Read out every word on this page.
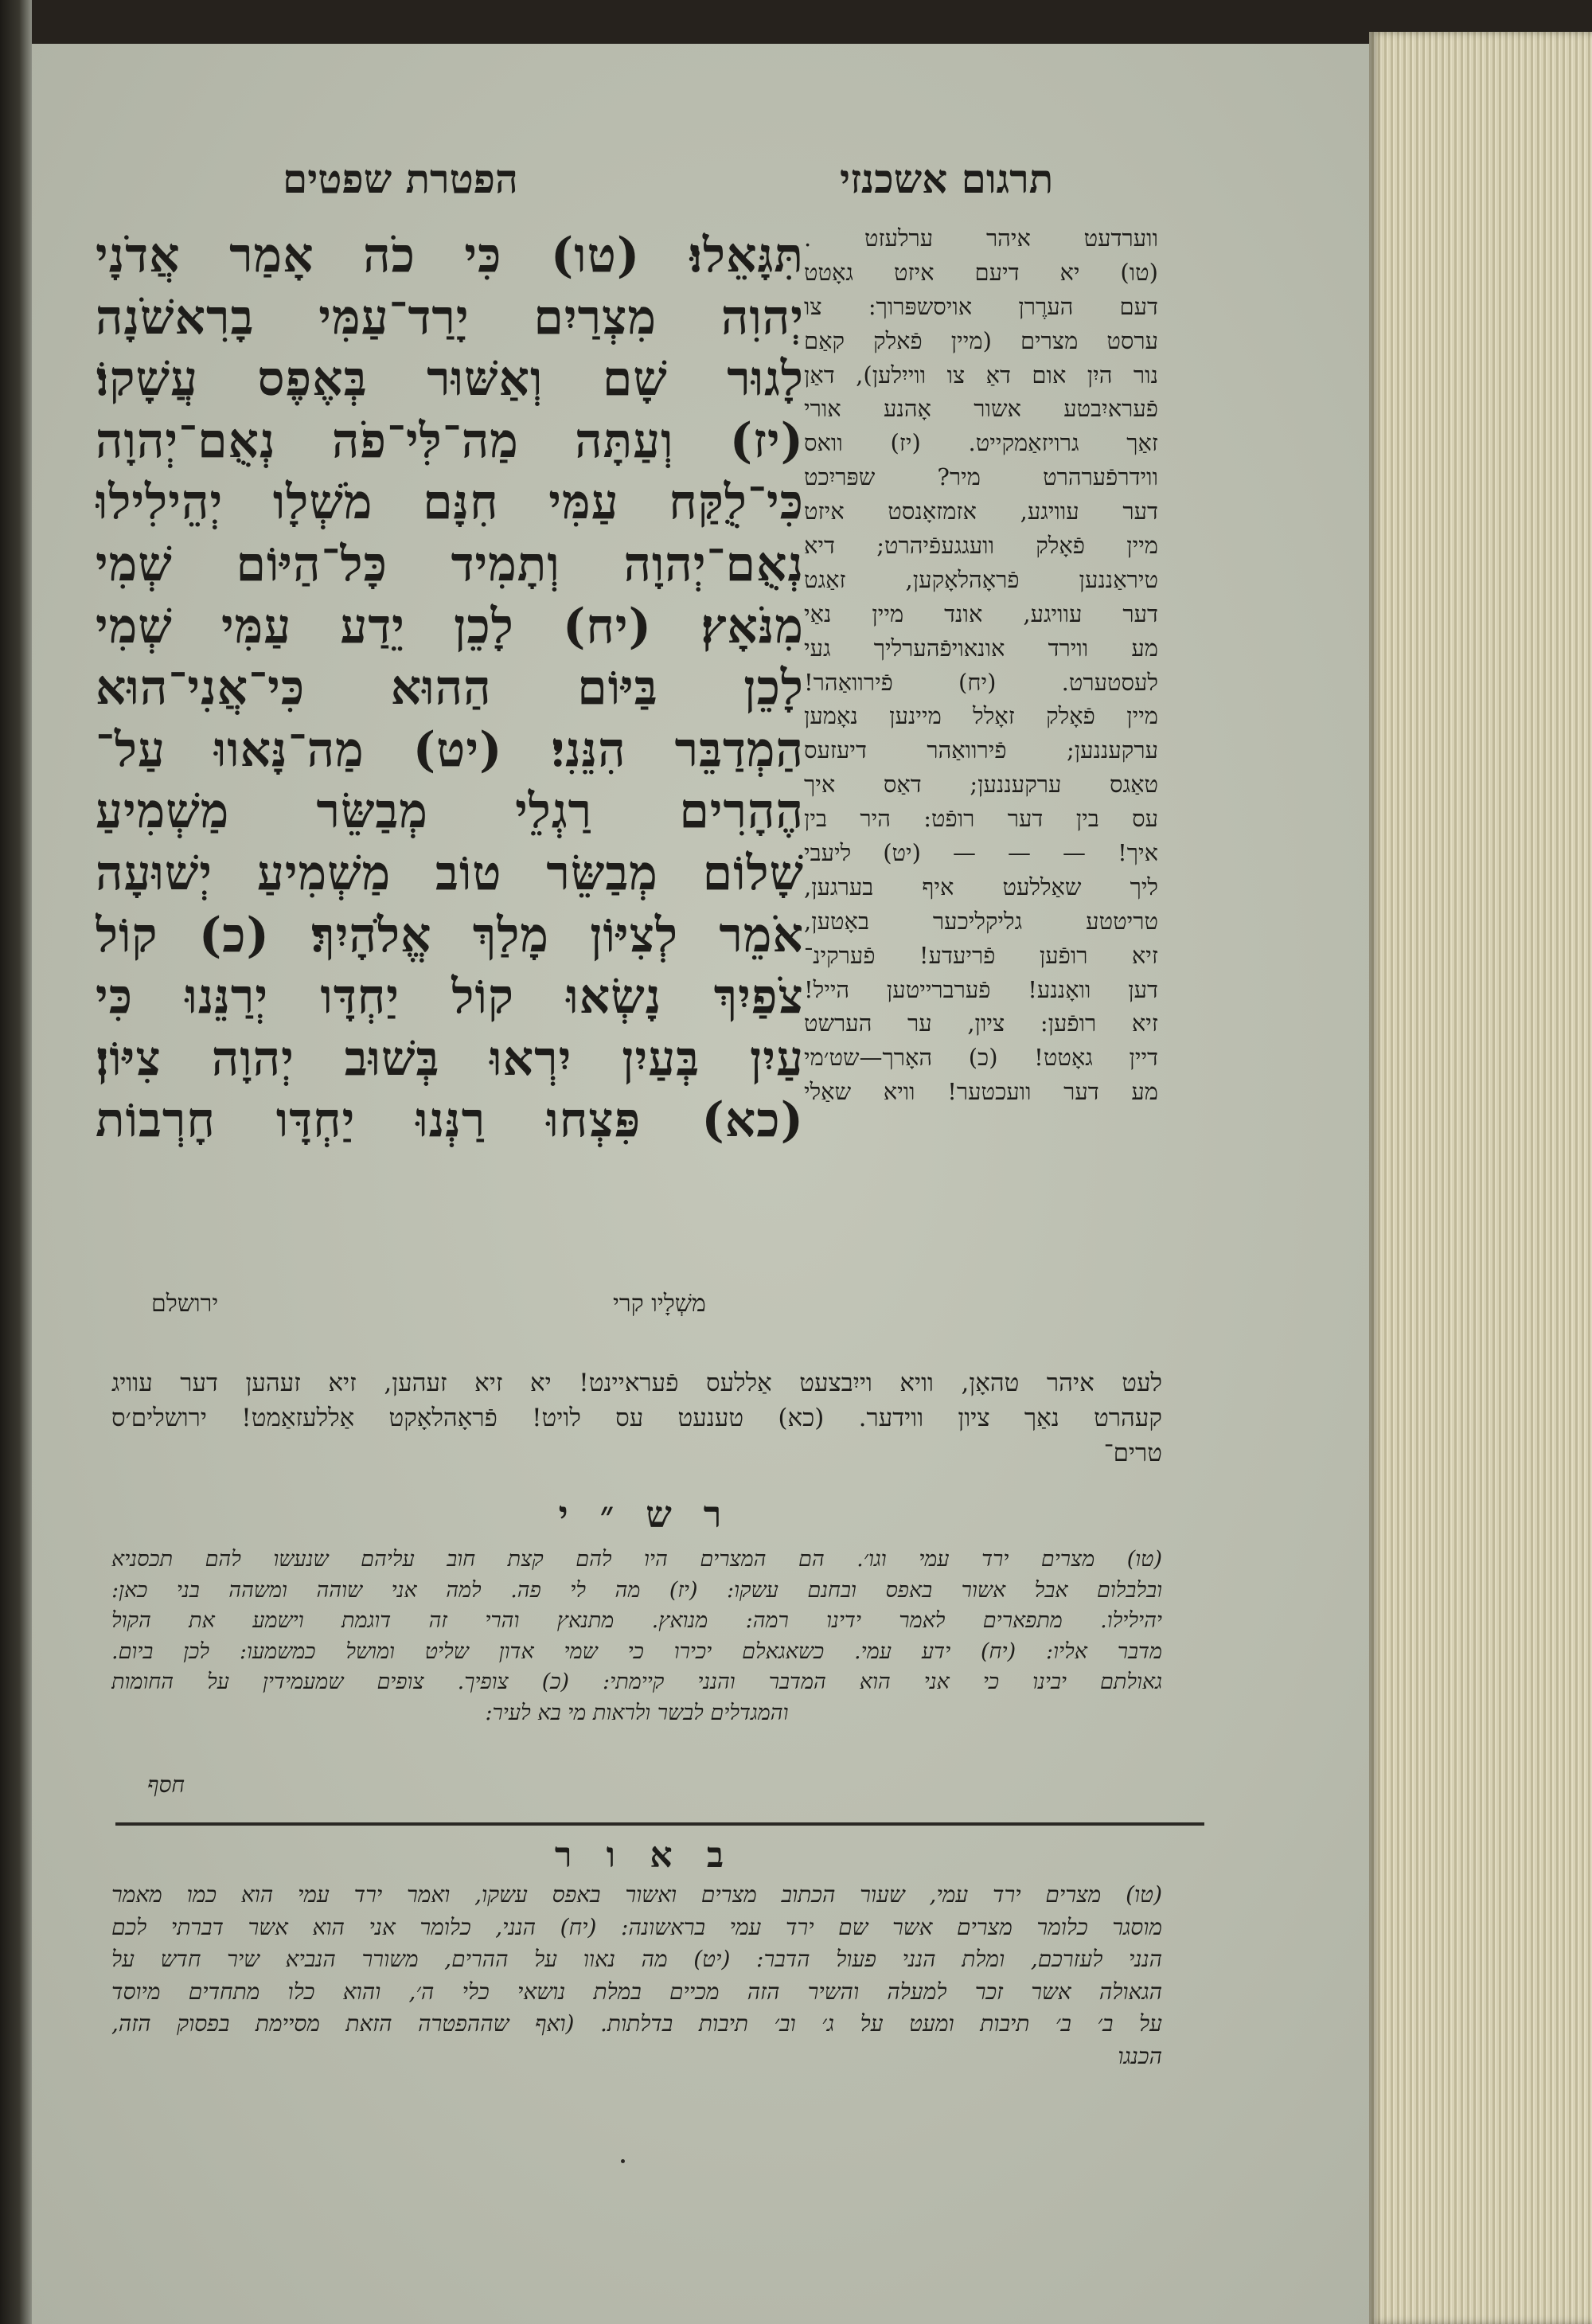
הפטרת שפטים	תרגום אשכנזי
תִּגָּאֵלוּ׃ (טו) כִּי כֹה אָמַר אֲדֹנָי
יְהוִה מִצְרַיִם יָרַד־עַמִּי בָרִאשֹׁנָה
לָגוּר שָׁם וְאַשּׁוּר בְּאֶפֶס עֲשָׁקוֹ׃
(יז) וְעַתָּה מַה־לִּי־פֹה נְאֻם־יְהוָה
כִּי־לֻקַּח עַמִּי חִנָּם מֹשְׁלָו יְהֵילִילוּ
נְאֻם־יְהוָה וְתָמִיד כָּל־הַיּוֹם שְׁמִי
מִנֹּאָץ׃ (יח) לָכֵן יֵדַע עַמִּי שְׁמִי
לָכֵן בַּיּוֹם הַהוּא כִּי־אֲנִי־הוּא
הַמְדַבֵּר הִנֵּנִי׃ (יט) מַה־נָּאווּ עַל־
הֶהָרִים רַגְלֵי מְבַשֵּׂר מַשְׁמִיעַ
שָׁלוֹם מְבַשֵּׂר טוֹב מַשְׁמִיעַ יְשׁוּעָה
אֹמֵר לְצִיּוֹן מָלַךְ אֱלֹהָיִךְ׃ (כ) קוֹל
צֹפַיִךְ נָשְׂאוּ קוֹל יַחְדָּו יְרַנֵּנוּ כִּי
עַיִן בְּעַיִן יִרְאוּ בְּשׁוּב יְהוָה צִיּוֹן׃
(כא) פִּצְחוּ רַנְּנוּ יַחְדָּו חָרְבוֹת
משְׁלָיו קרי
ירושלם
ווערדעט איהר ערלעזט .
(טו) יא דיעם איזט גאָטט
דעם הערֶרן אויסשפּרוך: צו
ערסט מצרים (מיין פֿאלק קאַם
נור היִן אום דאַ צו ווייִלען), דאַן
פֿעראיִבטע אשור אָהנע אורי
זאַך גרויזאַמקייט. (יז) וואס
ווידרפֿערהרט מיר? שפּריִכט
דער עוויגע, אזמזאָנסט איזט
מיין פֿאָלק וועגגעפֿיהרט; דיא
טיראַננען פֿראָהלאָקען, זאַגט
דער עוויגע, אונד מיין נאַי
מע ווירד אונאויפֿהערליך געי
לעסטערט. (יח) פֿירוואַהר!
מיין פֿאָלק זאָלל מיינען נאָמען
ערקעננען; פֿירוואַהר דיעזעס
טאַגס ערקעננען; דאַס איך
עס בין דער רופֿט: היר בין
איך! — — — (יט) ליעבי
ליך שאַללעט איף בערגען,
טריטטע גליקליכער באָטען,
זיא רופֿען פֿריעדע! פֿערקינ־
דען וואָננע! פֿערברייטען הייל!
זיא רופֿען: ציון, ער הערשט
דיין גאָטט! (כ) האָרך—שט׳מי
מע דער ווע‌כטער! וויא שאַלי
לעט איהר טהאָן, וויא וייִבצעט אַללעס פֿעראיינט! יא זיא זעהען, זיא זעהען דער עוויג
קעהרט נאַך ציון ווידער. (כא) טענעט עס לויט! פֿראָהלאָקט אַללעזאַמט! ירושלים׳ס
טרים־
ר ש ״ י
(טו) מצרים ירד עמי וגו׳. הם המצרים היו להם קצת חוב עליהם שנעשו להם תכסניא
ובלבלום אבל אשור באפס ובחנם עשקו: (יז) מה לי פה. למה אני שוהה ומשהה בני כאן:
יהילילו. מתפארים לאמר ידינו רמה: מנואץ. מתנאץ והרי זה דוגמת וישמע את הקול
מדבר אליו: (יח) ידע עמי. כשאגאלם יכירו כי שמי אדון שליט ומושל כמשמעו: לכן ביום.
גאולתם יבינו כי אני הוא המדבר והנני קיימתי: (כ) צופיך. צופים שמעמידין על החומות
והמגדלים לבשר ולראות מי בא לעיר:
חסף
ב א ו ר
(טו) מצרים ירד עמי, שעור הכתוב מצרים ואשור באפס עשקו, ואמר ירד עמי הוא כמו מאמר
מוסגר כלומר מצרים אשר שם ירד עמי בראשונה: (יח) הנני, כלומר אני הוא אשר דברתי לכם
הנני לעזרכם, ומלת הנני פעול הדבר: (יט) מה נאוו על ההרים, משורר הנביא שיר חדש על
הגאולה אשר זכר למעלה והשיר הזה מכיים במלת נושאי כלי ה׳, והוא כלו מתחדים מיוסד
על ב׳ ב׳ תיבות ומעט על ג׳ וב׳ תיבות בדלתות. (ואף שההפטרה הזאת מסיימת בפסוק הזה,
הכנגו
